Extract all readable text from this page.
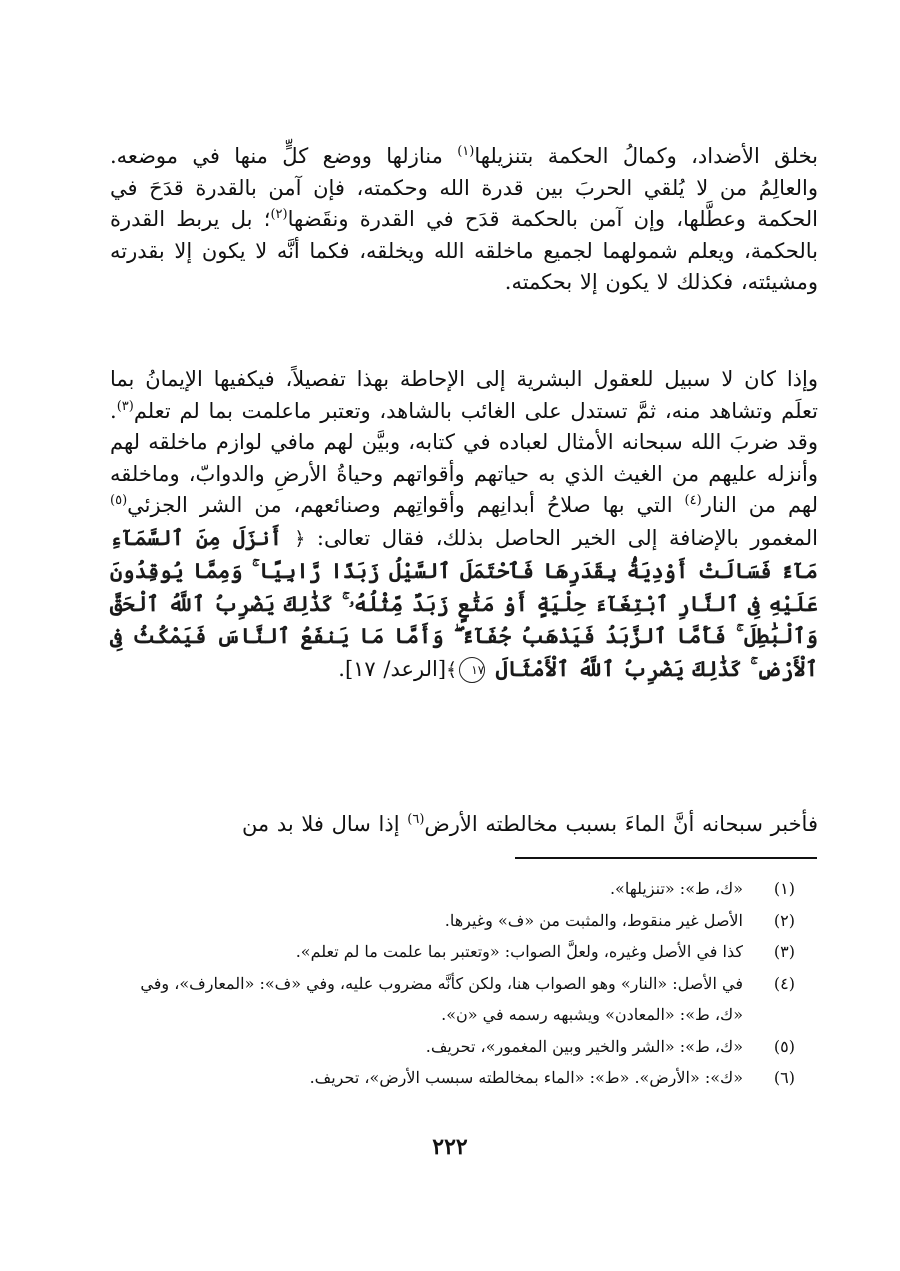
بخلق الأضداد، وكمالُ الحكمة بتنزيلها$^{(١)}$ منازلها ووضع كلٍّ منها في موضعه. والعالِمُ من لا يُلقي الحربَ بين قدرة الله وحكمته، فإن آمن بالقدرة قدَحَ في الحكمة وعطَّلها، وإن آمن بالحكمة قدَح في القدرة ونقَضها$^{(٢)}$؛ بل يربط القدرة بالحكمة، ويعلم شمولهما لجميع ماخلقه الله ويخلقه، فكما أنَّه لا يكون إلا بقدرته ومشيئته، فكذلك لا يكون إلا بحكمته.

وإذا كان لا سبيل للعقول البشرية إلى الإحاطة بهذا تفصيلاً، فيكفيها الإيمانُ بما تعلَم وتشاهد منه، ثمَّ تستدل على الغائب بالشاهد، وتعتبر ماعلمت بما لم تعلم$^{(٣)}$. وقد ضربَ الله سبحانه الأمثال لعباده في كتابه، وبيَّن لهم مافي لوازم ماخلقه لهم وأنزله عليهم من الغيث الذي به حياتهم وأقواتهم وحياةُ الأرضِ والدوابّ، وماخلقه لهم من النار$^{(٤)}$ التي بها صلاحُ أبدانِهم وأقواتِهم وصنائعهم، من الشر الجزئي$^{(٥)}$ المغمور بالإضافة إلى الخير الحاصل بذلك، فقال تعالى: ﴿ أَنزَلَ مِنَ ٱلسَّمَآءِ مَآءً فَسَالَتْ أَوْدِيَةُۢ بِقَدَرِهَا فَٱحْتَمَلَ ٱلسَّيْلُ زَبَدًا رَّابِيًا ۚ وَمِمَّا يُوقِدُونَ عَلَيْهِ فِى ٱلنَّارِ ٱبْتِغَآءَ حِلْيَةٍ أَوْ مَتَٰعٍ زَبَدٌ مِّثْلُهُۥ ۚ كَذَٰلِكَ يَضْرِبُ ٱللَّهُ ٱلْحَقَّ وَٱلْبَٰطِلَ ۚ فَأَمَّا ٱلزَّبَدُ فَيَذْهَبُ جُفَآءً ۖ وَأَمَّا مَا يَنفَعُ ٱلنَّاسَ فَيَمْكُثُ فِى ٱلْأَرْضِ ۚ كَذَٰلِكَ يَضْرِبُ ٱللَّهُ ٱلْأَمْثَالَ ١٧﴾[الرعد/ ١٧].

فأخبر سبحانه أنَّ الماءَ بسبب مخالطته الأرض$^{(٦)}$ إذا سال فلا بد من

(١)
«ك، ط»: «تنزيلها».
(٢)
الأصل غير منقوط، والمثبت من «ف» وغيرها.
(٣)
كذا في الأصل وغيره، ولعلَّ الصواب: «وتعتبر بما علمت ما لم تعلم».
(٤)
في الأصل: «النار» وهو الصواب هنا، ولكن كأنَّه مضروب عليه، وفي «ف»: «المعارف»، وفي «ك، ط»: «المعادن» ويشبهه رسمه في «ن».
(٥)
«ك، ط»: «الشر والخير وبين المغمور»، تحريف.
(٦)
«ك»: «الأرض». «ط»: «الماء بمخالطته سبسب الأرض»، تحريف.
٢٢٢
